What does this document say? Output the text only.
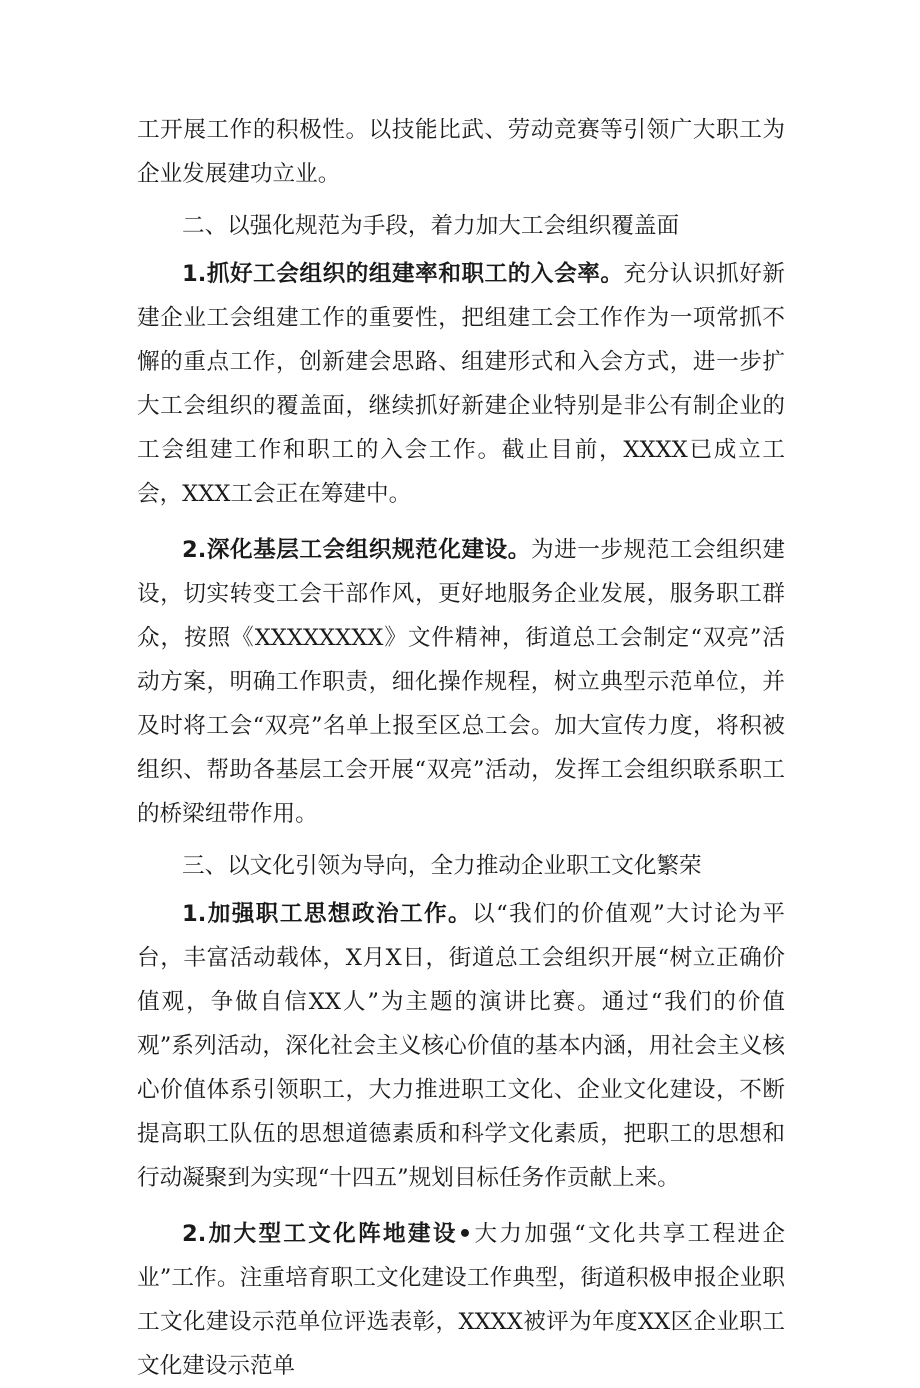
工开展工作的积极性。以技能比武、劳动竞赛等引领广大职工为企业发展建功立业。

二、以强化规范为手段，着力加大工会组织覆盖面

1.抓好工会组织的组建率和职工的入会率。充分认识抓好新建企业工会组建工作的重要性，把组建工会工作作为一项常抓不懈的重点工作，创新建会思路、组建形式和入会方式，进一步扩大工会组织的覆盖面，继续抓好新建企业特别是非公有制企业的工会组建工作和职工的入会工作。截止目前，XXXX已成立工会，XXX工会正在筹建中。

2.深化基层工会组织规范化建设。为进一步规范工会组织建设，切实转变工会干部作风，更好地服务企业发展，服务职工群众，按照《XXXXXXXX》文件精神，街道总工会制定“双亮”活动方案，明确工作职责，细化操作规程，树立典型示范单位，并及时将工会“双亮”名单上报至区总工会。加大宣传力度，将积被组织、帮助各基层工会开展“双亮”活动，发挥工会组织联系职工的桥梁纽带作用。

三、以文化引领为导向，全力推动企业职工文化繁荣

1.加强职工思想政治工作。以“我们的价值观”大讨论为平台，丰富活动载体，X月X日，街道总工会组织开展“树立正确价值观，争做自信XX人”为主题的演讲比赛。通过“我们的价值观”系列活动，深化社会主义核心价值的基本内涵，用社会主义核心价值体系引领职工，大力推进职工文化、企业文化建设，不断提高职工队伍的思想道德素质和科学文化素质，把职工的思想和行动凝聚到为实现“十四五”规划目标任务作贡献上来。

2.加大型工文化阵地建设•大力加强“文化共享工程进企业”工作。注重培育职工文化建设工作典型，街道积极申报企业职工文化建设示范单位评选表彰，XXXX被评为年度XX区企业职工文化建设示范单
